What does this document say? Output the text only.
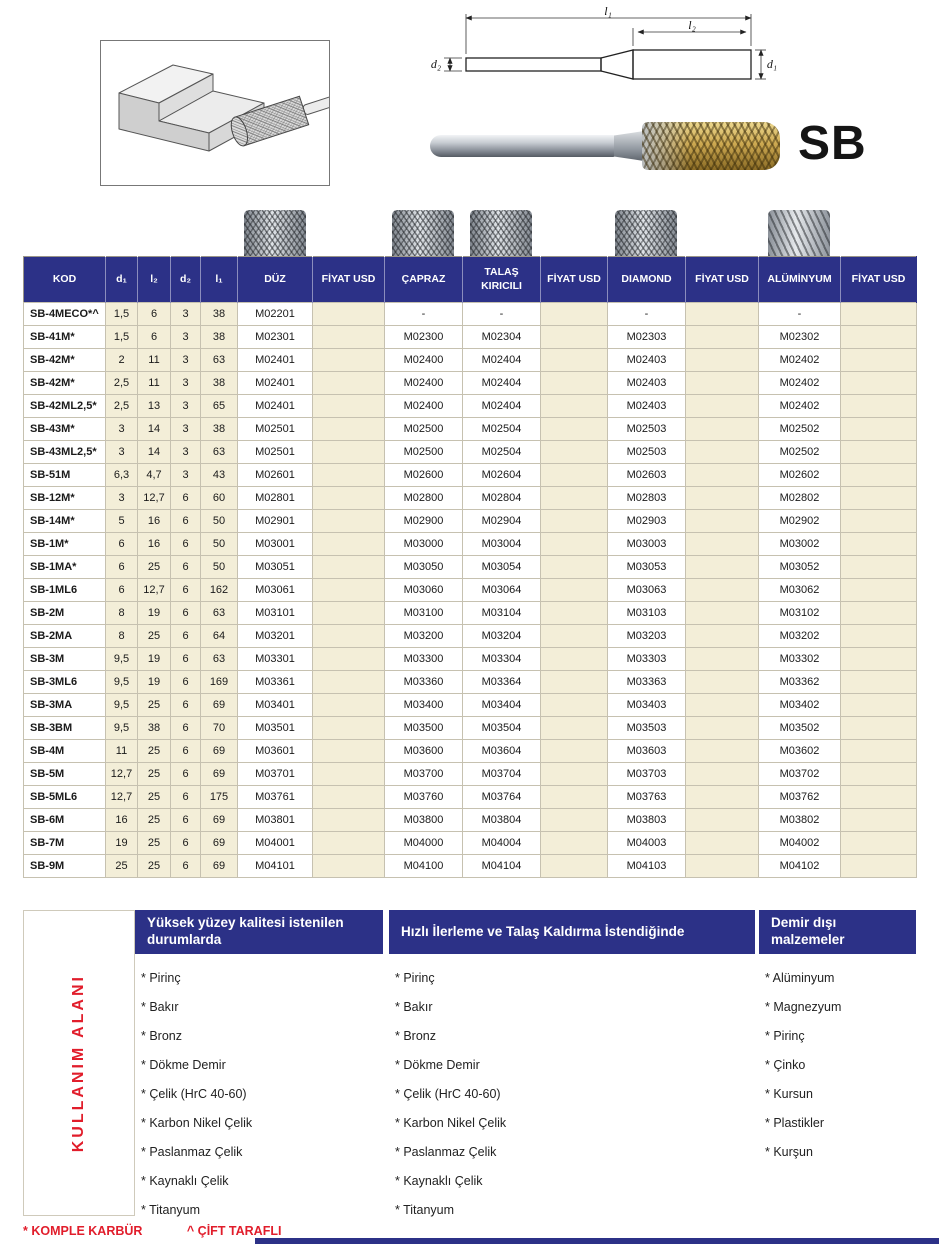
l₁
l₂
d₂	d₁
SB
KOD	d₁	l₂	d₂	l₁	DÜZ	FİYAT USD	ÇAPRAZ	TALAŞ KIRICILI	FİYAT USD	DIAMOND	FİYAT USD	ALÜMİNYUM	FİYAT USD
SB-4MECO*^	1,5	6	3	38	M02201		-	-		-		-	
SB-41M*	1,5	6	3	38	M02301		M02300	M02304		M02303		M02302	
SB-42M*	2	11	3	63	M02401		M02400	M02404		M02403		M02402	
SB-42M*	2,5	11	3	38	M02401		M02400	M02404		M02403		M02402	
SB-42ML2,5*	2,5	13	3	65	M02401		M02400	M02404		M02403		M02402	
SB-43M*	3	14	3	38	M02501		M02500	M02504		M02503		M02502	
SB-43ML2,5*	3	14	3	63	M02501		M02500	M02504		M02503		M02502	
SB-51M	6,3	4,7	3	43	M02601		M02600	M02604		M02603		M02602	
SB-12M*	3	12,7	6	60	M02801		M02800	M02804		M02803		M02802	
SB-14M*	5	16	6	50	M02901		M02900	M02904		M02903		M02902	
SB-1M*	6	16	6	50	M03001		M03000	M03004		M03003		M03002	
SB-1MA*	6	25	6	50	M03051		M03050	M03054		M03053		M03052	
SB-1ML6	6	12,7	6	162	M03061		M03060	M03064		M03063		M03062	
SB-2M	8	19	6	63	M03101		M03100	M03104		M03103		M03102	
SB-2MA	8	25	6	64	M03201		M03200	M03204		M03203		M03202	
SB-3M	9,5	19	6	63	M03301		M03300	M03304		M03303		M03302	
SB-3ML6	9,5	19	6	169	M03361		M03360	M03364		M03363		M03362	
SB-3MA	9,5	25	6	69	M03401		M03400	M03404		M03403		M03402	
SB-3BM	9,5	38	6	70	M03501		M03500	M03504		M03503		M03502	
SB-4M	11	25	6	69	M03601		M03600	M03604		M03603		M03602	
SB-5M	12,7	25	6	69	M03701		M03700	M03704		M03703		M03702	
SB-5ML6	12,7	25	6	175	M03761		M03760	M03764		M03763		M03762	
SB-6M	16	25	6	69	M03801		M03800	M03804		M03803		M03802	
SB-7M	19	25	6	69	M04001		M04000	M04004		M04003		M04002	
SB-9M	25	25	6	69	M04101		M04100	M04104		M04103		M04102	
KULLANIM ALANI
Yüksek yüzey kalitesi istenilen durumlarda
* Pirinç
* Bakır
* Bronz
* Dökme Demir
* Çelik (HrC 40-60)
* Karbon Nikel Çelik
* Paslanmaz Çelik
* Kaynaklı Çelik
* Titanyum
Hızlı İlerleme ve Talaş Kaldırma İstendiğinde
* Pirinç
* Bakır
* Bronz
* Dökme Demir
* Çelik (HrC 40-60)
* Karbon Nikel Çelik
* Paslanmaz Çelik
* Kaynaklı Çelik
* Titanyum
Demir dışı malzemeler
* Alüminyum
* Magnezyum
* Pirinç
* Çinko
* Kursun
* Plastikler
* Kurşun
* KOMPLE KARBÜR	^ ÇİFT TARAFLI
